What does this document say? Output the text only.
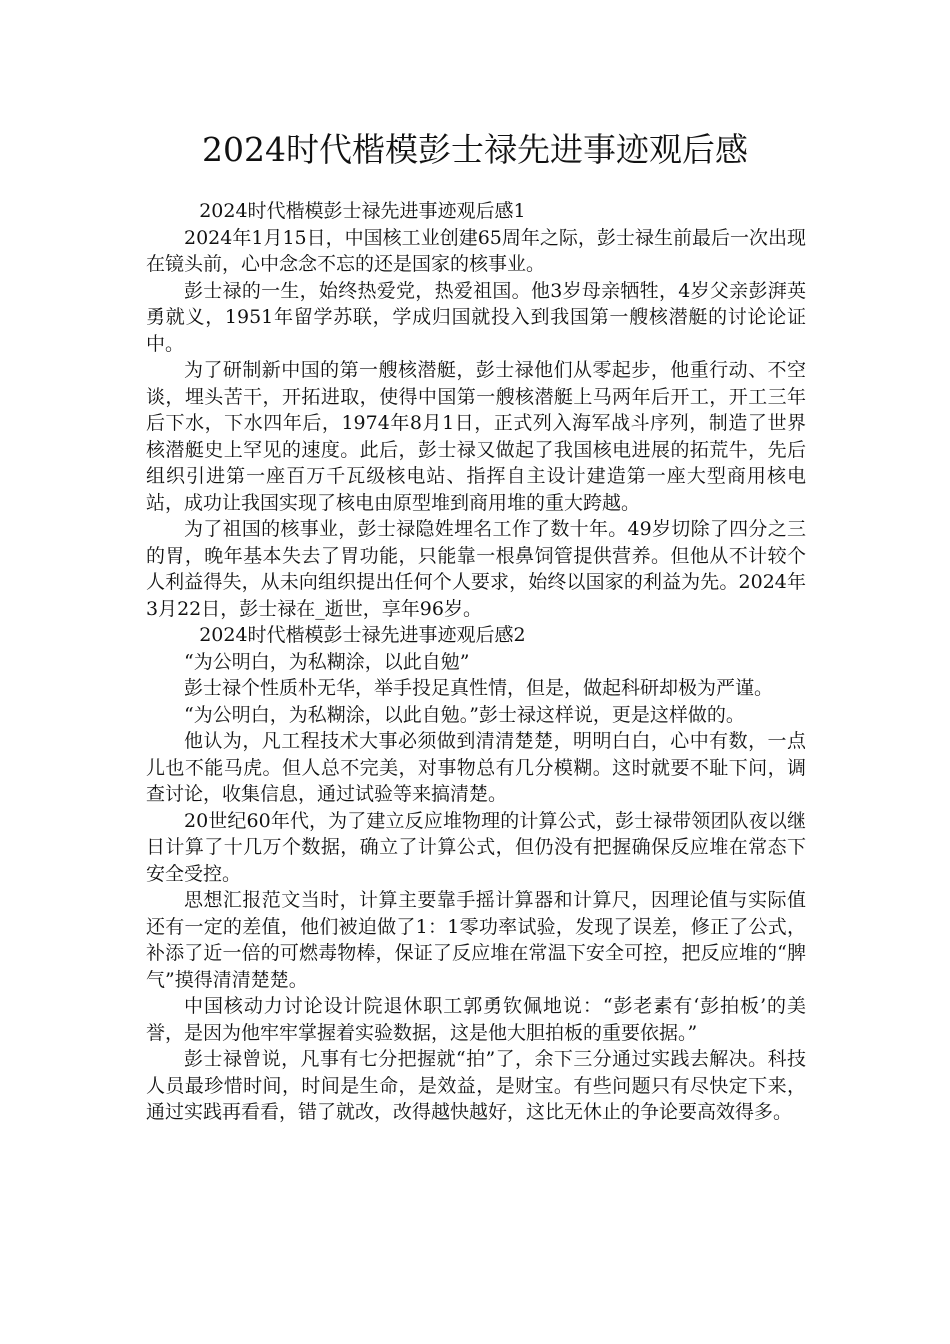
2024时代楷模彭士禄先进事迹观后感

2024时代楷模彭士禄先进事迹观后感1

2024年1月15日，中国核工业创建65周年之际，彭士禄生前最后一次出现在镜头前，心中念念不忘的还是国家的核事业。

彭士禄的一生，始终热爱党，热爱祖国。他3岁母亲牺牲，4岁父亲彭湃英勇就义，1951年留学苏联，学成归国就投入到我国第一艘核潜艇的讨论论证中。

为了研制新中国的第一艘核潜艇，彭士禄他们从零起步，他重行动、不空谈，埋头苦干，开拓进取，使得中国第一艘核潜艇上马两年后开工，开工三年后下水，下水四年后，1974年8月1日，正式列入海军战斗序列，制造了世界核潜艇史上罕见的速度。此后，彭士禄又做起了我国核电进展的拓荒牛，先后组织引进第一座百万千瓦级核电站、指挥自主设计建造第一座大型商用核电站，成功让我国实现了核电由原型堆到商用堆的重大跨越。

为了祖国的核事业，彭士禄隐姓埋名工作了数十年。49岁切除了四分之三的胃，晚年基本失去了胃功能，只能靠一根鼻饲管提供营养。但他从不计较个人利益得失，从未向组织提出任何个人要求，始终以国家的利益为先。2024年3月22日，彭士禄在_逝世，享年96岁。

2024时代楷模彭士禄先进事迹观后感2

“为公明白，为私糊涂，以此自勉”

彭士禄个性质朴无华，举手投足真性情，但是，做起科研却极为严谨。

“为公明白，为私糊涂，以此自勉。”彭士禄这样说，更是这样做的。

他认为，凡工程技术大事必须做到清清楚楚，明明白白，心中有数，一点儿也不能马虎。但人总不完美，对事物总有几分模糊。这时就要不耻下问，调查讨论，收集信息，通过试验等来搞清楚。

20世纪60年代，为了建立反应堆物理的计算公式，彭士禄带领团队夜以继日计算了十几万个数据，确立了计算公式，但仍没有把握确保反应堆在常态下安全受控。

思想汇报范文当时，计算主要靠手摇计算器和计算尺，因理论值与实际值还有一定的差值，他们被迫做了1：1零功率试验，发现了误差，修正了公式，补添了近一倍的可燃毒物棒，保证了反应堆在常温下安全可控，把反应堆的“脾气”摸得清清楚楚。

中国核动力讨论设计院退休职工郭勇钦佩地说：“彭老素有‘彭拍板’的美誉，是因为他牢牢掌握着实验数据，这是他大胆拍板的重要依据。”

彭士禄曾说，凡事有七分把握就“拍”了，余下三分通过实践去解决。科技人员最珍惜时间，时间是生命，是效益，是财宝。有些问题只有尽快定下来，通过实践再看看，错了就改，改得越快越好，这比无休止的争论要高效得多。
